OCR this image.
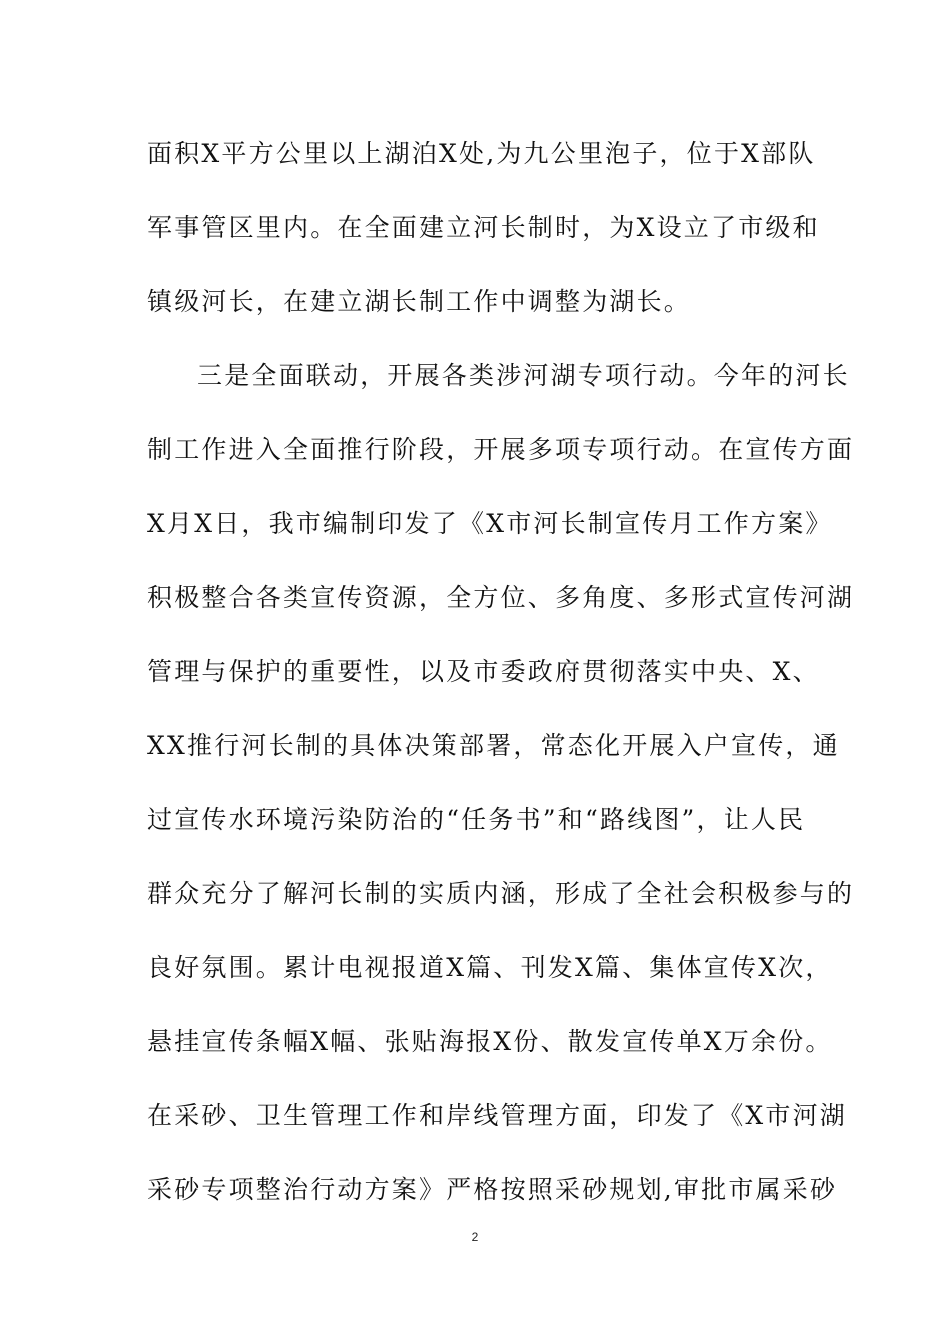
面积X平方公里以上湖泊X处,为九公里泡子，位于X部队
军事管区里内。在全面建立河长制时，为X设立了市级和
镇级河长，在建立湖长制工作中调整为湖长。
三是全面联动，开展各类涉河湖专项行动。今年的河长
制工作进入全面推行阶段，开展多项专项行动。在宣传方面
X月X日，我市编制印发了《X市河长制宣传月工作方案》
积极整合各类宣传资源，全方位、多角度、多形式宣传河湖
管理与保护的重要性，以及市委政府贯彻落实中央、X、
XX推行河长制的具体决策部署，常态化开展入户宣传，通
过宣传水环境污染防治的“任务书”和“路线图”，让人民
群众充分了解河长制的实质内涵，形成了全社会积极参与的
良好氛围。累计电视报道X篇、刊发X篇、集体宣传X次，
悬挂宣传条幅X幅、张贴海报X份、散发宣传单X万余份。
在采砂、卫生管理工作和岸线管理方面，印发了《X市河湖
采砂专项整治行动方案》严格按照采砂规划,审批市属采砂
2
